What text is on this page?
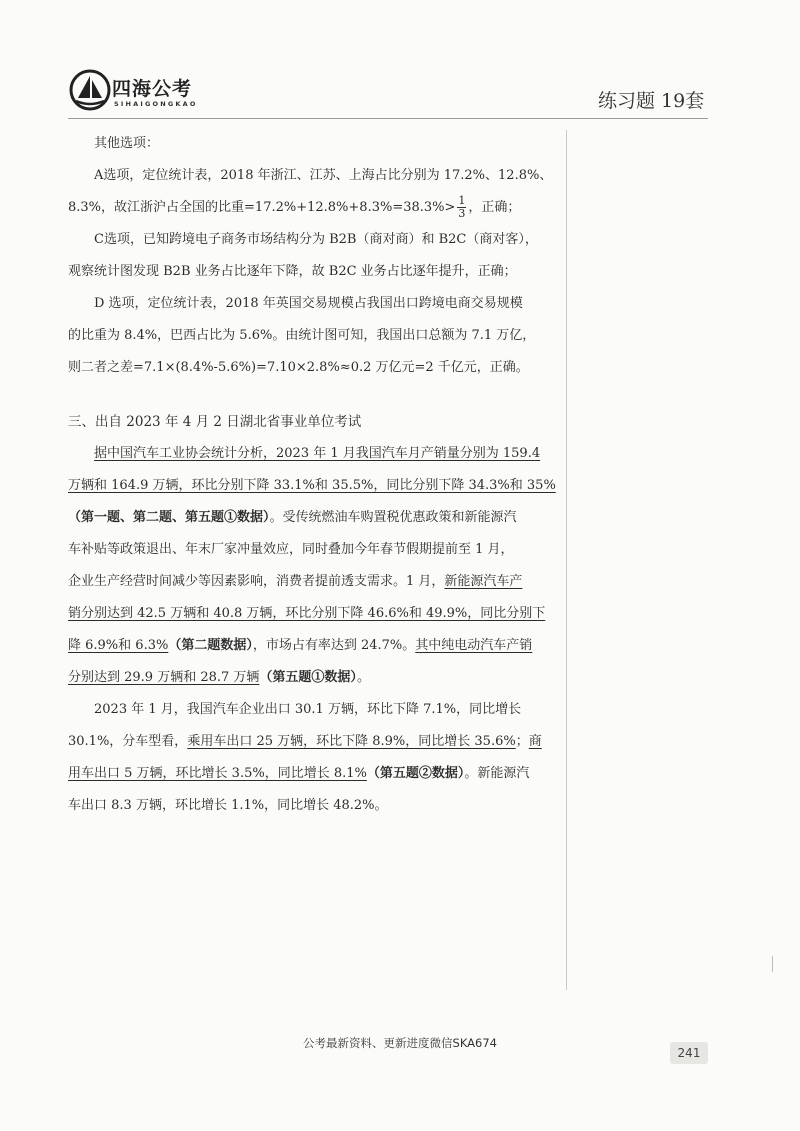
四海公考
SIHAIGONGKAO	练习题 19套

其他选项：

A选项，定位统计表，2018 年浙江、江苏、上海占比分别为 17.2%、12.8%、
8.3%，故江浙沪占全国的比重$=17.2\%+12.8\%+8.3\%=38.3\%> \frac{1}{3}$ ，正确；
C选项，已知跨境电子商务市场结构分为 B2B（商对商）和 B2C（商对客），
观察统计图发现 B2B 业务占比逐年下降，故 B2C 业务占比逐年提升，正确；
D 选项，定位统计表，2018 年英国交易规模占我国出口跨境电商交易规模
的比重为 8.4%，巴西占比为 5.6%。由统计图可知，我国出口总额为 7.1 万亿，
则二者之差=7.1×(8.4%-5.6%)=7.10×2.8%≈0.2 万亿元=2 千亿元，正确。
三、出自 2023 年 4 月 2 日湖北省事业单位考试
据中国汽车工业协会统计分析，2023 年 1 月我国汽车月产销量分别为 159.4
万辆和 164.9 万辆，环比分别下降 33.1%和 35.5%，同比分别下降 34.3%和 35%
（第一题、第二题、第五题①数据）。受传统燃油车购置税优惠政策和新能源汽
车补贴等政策退出、年末厂家冲量效应，同时叠加今年春节假期提前至 1 月，
企业生产经营时间减少等因素影响，消费者提前透支需求。1 月，新能源汽车产
销分别达到 42.5 万辆和 40.8 万辆，环比分别下降 46.6%和 49.9%，同比分别下
降 6.9%和 6.3%（第二题数据），市场占有率达到 24.7%。其中纯电动汽车产销
分别达到 29.9 万辆和 28.7 万辆（第五题①数据）。
2023 年 1 月，我国汽车企业出口 30.1 万辆，环比下降 7.1%，同比增长
30.1%，分车型看，乘用车出口 25 万辆，环比下降 8.9%，同比增长 35.6%；商
用车出口 5 万辆，环比增长 3.5%，同比增长 8.1%（第五题②数据）。新能源汽
车出口 8.3 万辆，环比增长 1.1%，同比增长 48.2%。
公考最新资料、更新进度微信SKA674
241
